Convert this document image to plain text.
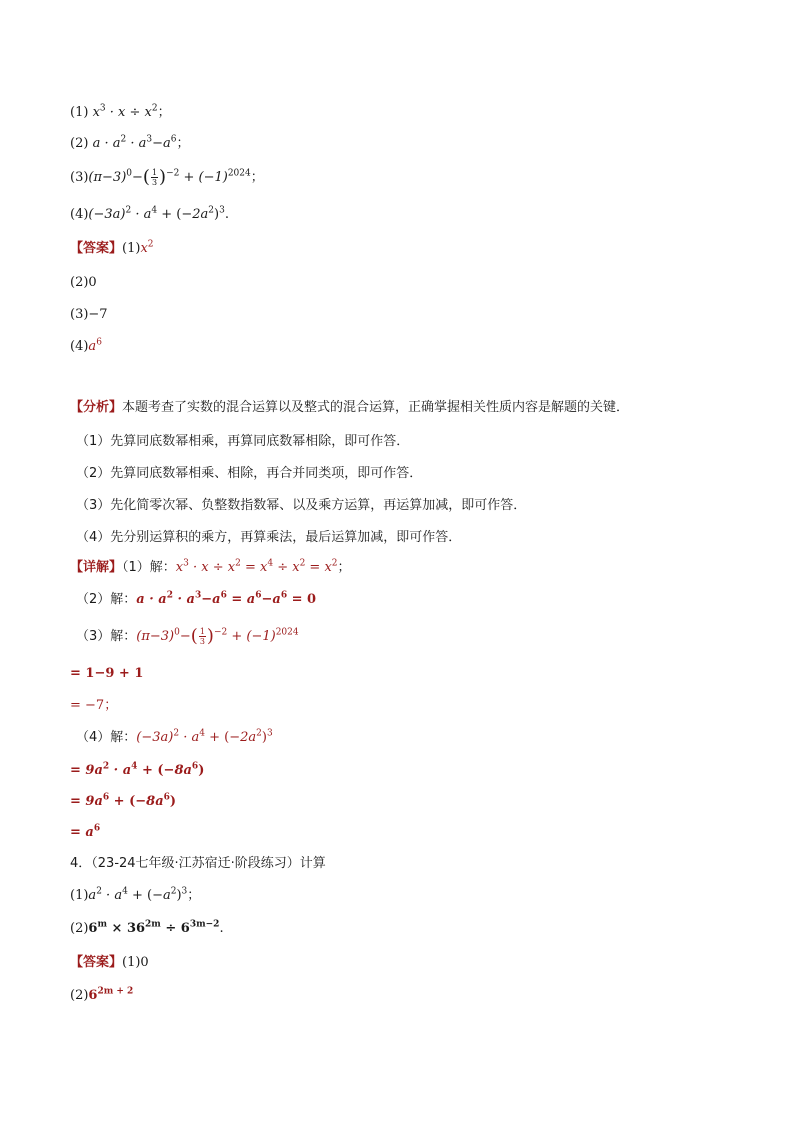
(1) $x^3 \cdot x \div x^2$；
(2) $a \cdot a^2 \cdot a^3-a^6$；
$(3)(\pi-3)^0-( \frac{1}{3} )^{-2} + (-1)^{2024}$；
$(4)(-3a)^2 \cdot a^4 + (-2a^2)^3$.
【答案】$(1)x^2$
(2)0
(3)−7
$(4)a^6$
【分析】本题考查了实数的混合运算以及整式的混合运算，正确掌握相关性质内容是解题的关键．
（1）先算同底数幂相乘，再算同底数幂相除，即可作答．
（2）先算同底数幂相乘、相除，再合并同类项，即可作答．
（3）先化简零次幂、负整数指数幂、以及乘方运算，再运算加减，即可作答．
（4）先分别运算积的乘方，再算乘法，最后运算加减，即可作答．
【详解】（1）解：$x^3 \cdot x \div x^2 = x^4 \div x^2 = x^2$；
（2）解：$a \cdot a^2 \cdot a^3-a^6 = a^6-a^6 = 0$
（3）解：$(\pi-3)^0-( \frac{1}{3} )^{-2} + (-1)^{2024}$
= 1−9 + 1
= −7；
（4）解：$(-3a)^2 \cdot a^4 + (-2a^2)^3$
= $9a^2 \cdot a^4 + (-8a^6)$
= $9a^6 + (-8a^6)$
= $a^6$
4．（23-24七年级·江苏宿迁·阶段练习）计算
$(1)a^2 \cdot a^4 + (-a^2)^3$；
$(2)6^m \times 36^{2m} \div 6^{3m-2}$.
【答案】(1)0
$(2)6^{2m + 2}$
